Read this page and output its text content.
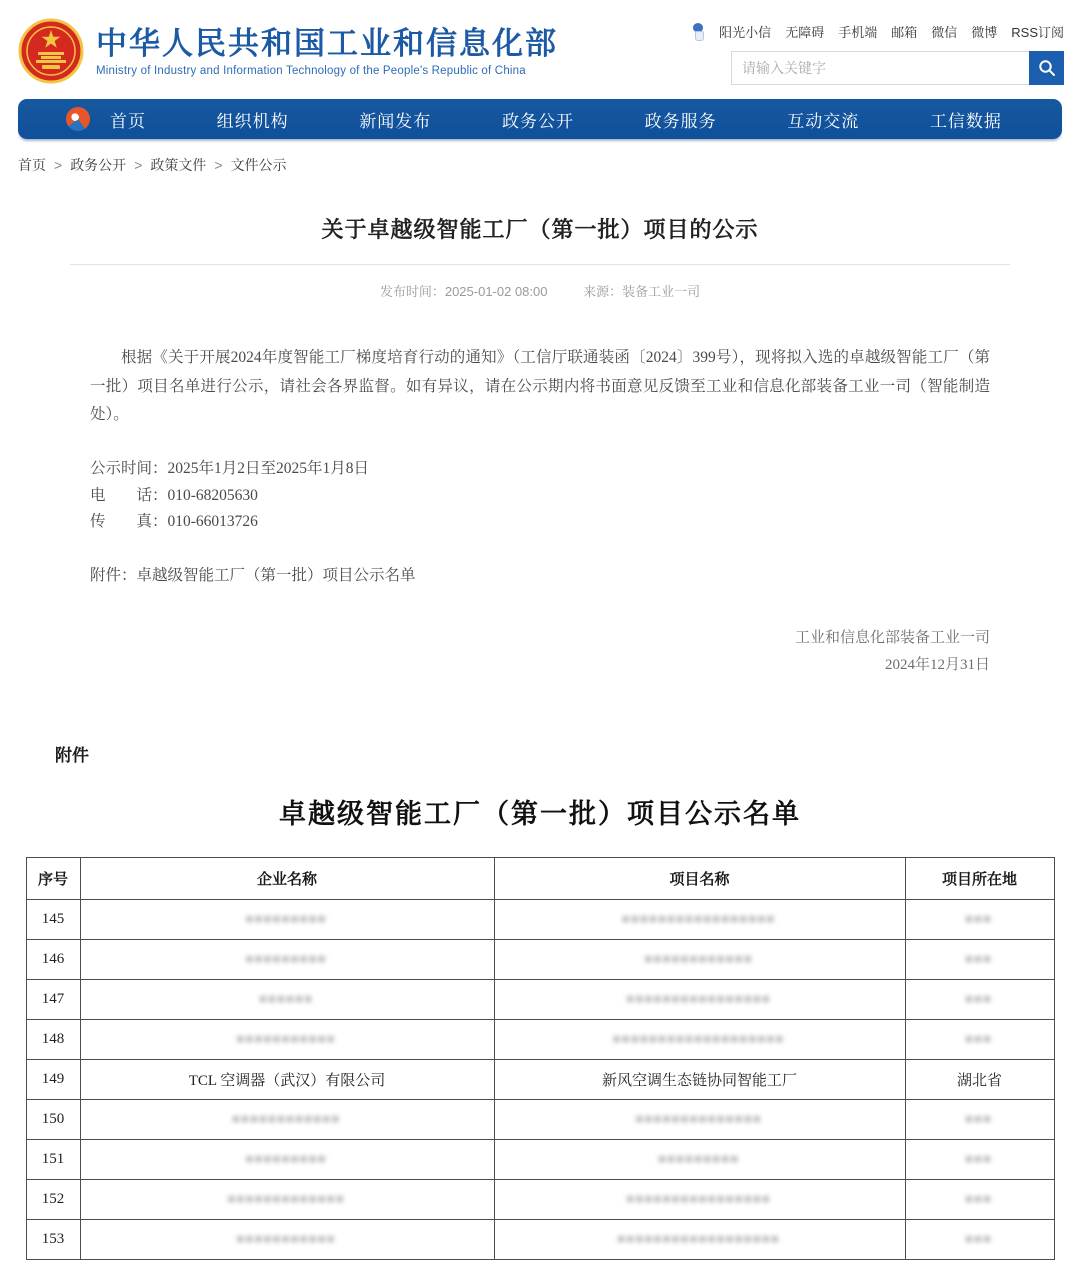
中华人民共和国工业和信息化部
Ministry of Industry and Information Technology of the People's Republic of China
阳光小信 无障碍 手机端 邮箱 微信 微博 RSS订阅
请输入关键字
首页	组织机构	新闻发布	政务公开	政务服务	互动交流	工信数据
首页 > 政务公开 > 政策文件 > 文件公示
关于卓越级智能工厂（第一批）项目的公示
发布时间：2025-01-02 08:00	来源：装备工业一司

根据《关于开展2024年度智能工厂梯度培育行动的通知》（工信厅联通装函〔2024〕399号），现将拟入选的卓越级智能工厂（第一批）项目名单进行公示，请社会各界监督。如有异议，请在公示期内将书面意见反馈至工业和信息化部装备工业一司（智能制造处）。

公示时间：2025年1月2日至2025年1月8日
电　　话：010-68205630
传　　真：010-66013726
附件：卓越级智能工厂（第一批）项目公示名单
工业和信息化部装备工业一司
2024年12月31日
附件
卓越级智能工厂（第一批）项目公示名单
序号	企业名称	项目名称	项目所在地
145	■■■■■■■■■	■■■■■■■■■■■■■■■■■	■■■
146	■■■■■■■■■	■■■■■■■■■■■■	■■■
147	■■■■■■	■■■■■■■■■■■■■■■■	■■■
148	■■■■■■■■■■■	■■■■■■■■■■■■■■■■■■■	■■■
149	TCL 空调器（武汉）有限公司	新风空调生态链协同智能工厂	湖北省
150	■■■■■■■■■■■■	■■■■■■■■■■■■■■	■■■
151	■■■■■■■■■	■■■■■■■■■	■■■
152	■■■■■■■■■■■■■	■■■■■■■■■■■■■■■■	■■■
153	■■■■■■■■■■■	■■■■■■■■■■■■■■■■■■	■■■
